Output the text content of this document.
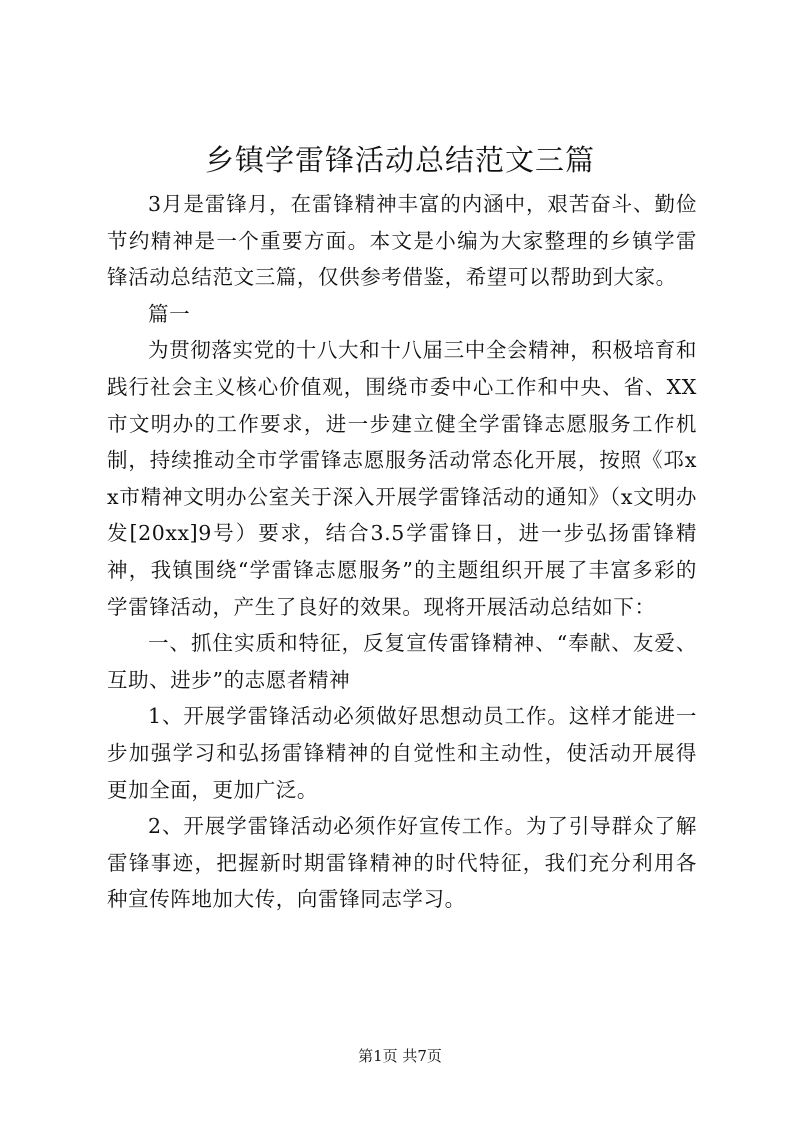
乡镇学雷锋活动总结范文三篇

3月是雷锋月，在雷锋精神丰富的内涵中，艰苦奋斗、勤俭节约精神是一个重要方面。本文是小编为大家整理的乡镇学雷锋活动总结范文三篇，仅供参考借鉴，希望可以帮助到大家。

篇一

为贯彻落实党的十八大和十八届三中全会精神，积极培育和践行社会主义核心价值观，围绕市委中心工作和中央、省、XX市文明办的工作要求，进一步建立健全学雷锋志愿服务工作机制，持续推动全市学雷锋志愿服务活动常态化开展，按照《邛xx市精神文明办公室关于深入开展学雷锋活动的通知》（x文明办发[20xx]9号）要求，结合3.5学雷锋日，进一步弘扬雷锋精神，我镇围绕“学雷锋志愿服务”的主题组织开展了丰富多彩的学雷锋活动，产生了良好的效果。现将开展活动总结如下：

一、抓住实质和特征，反复宣传雷锋精神、“奉献、友爱、互助、进步”的志愿者精神

1、开展学雷锋活动必须做好思想动员工作。这样才能进一步加强学习和弘扬雷锋精神的自觉性和主动性，使活动开展得更加全面，更加广泛。

2、开展学雷锋活动必须作好宣传工作。为了引导群众了解雷锋事迹，把握新时期雷锋精神的时代特征，我们充分利用各种宣传阵地加大传，向雷锋同志学习。

第1页 共7页
